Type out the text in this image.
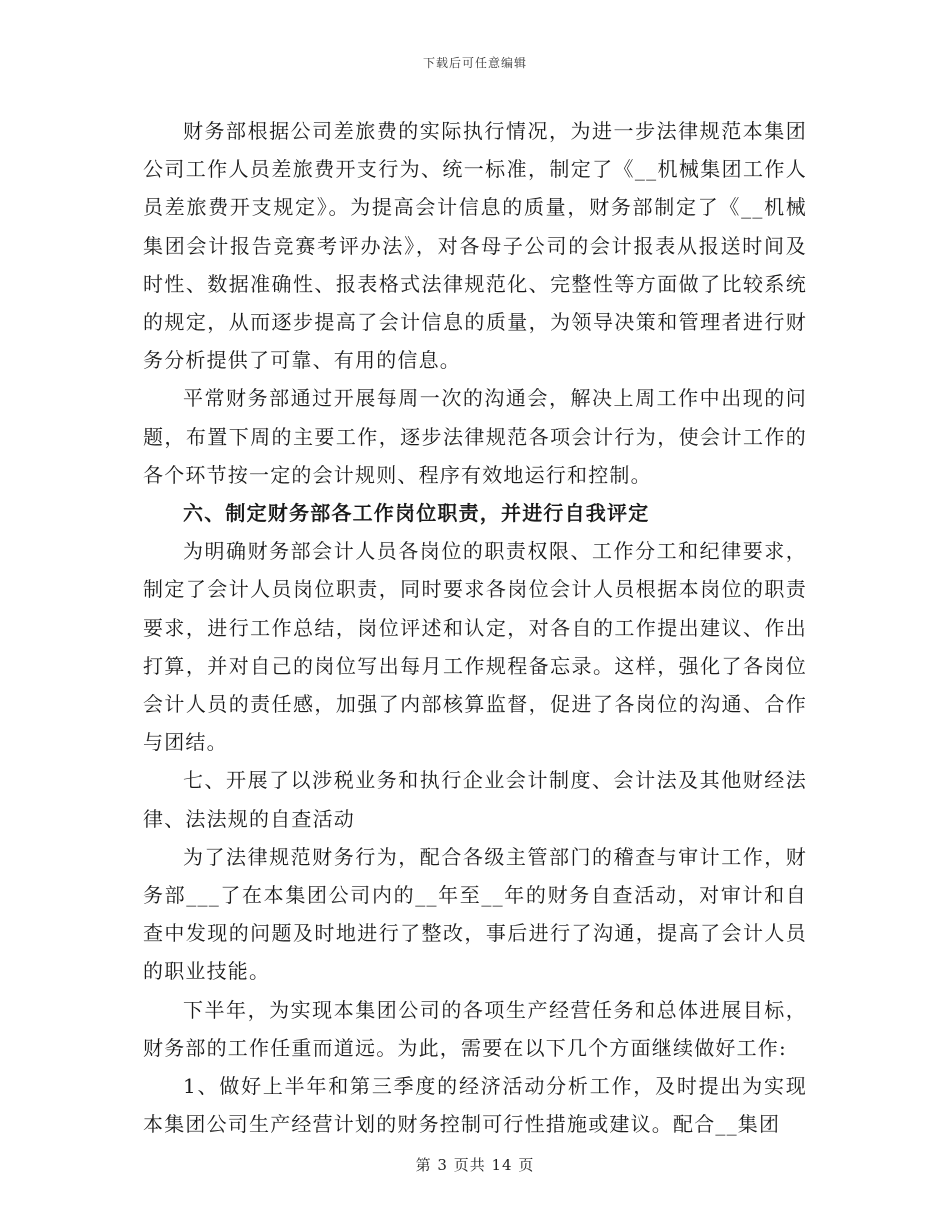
下载后可任意编辑

财务部根据公司差旅费的实际执行情况，为进一步法律规范本集团公司工作人员差旅费开支行为、统一标准，制定了《__机械集团工作人员差旅费开支规定》。为提高会计信息的质量，财务部制定了《__机械集团会计报告竞赛考评办法》，对各母子公司的会计报表从报送时间及时性、数据准确性、报表格式法律规范化、完整性等方面做了比较系统的规定，从而逐步提高了会计信息的质量，为领导决策和管理者进行财务分析提供了可靠、有用的信息。

平常财务部通过开展每周一次的沟通会，解决上周工作中出现的问题，布置下周的主要工作，逐步法律规范各项会计行为，使会计工作的各个环节按一定的会计规则、程序有效地运行和控制。

六、制定财务部各工作岗位职责，并进行自我评定

为明确财务部会计人员各岗位的职责权限、工作分工和纪律要求，制定了会计人员岗位职责，同时要求各岗位会计人员根据本岗位的职责要求，进行工作总结，岗位评述和认定，对各自的工作提出建议、作出打算，并对自己的岗位写出每月工作规程备忘录。这样，强化了各岗位会计人员的责任感，加强了内部核算监督，促进了各岗位的沟通、合作与团结。

七、开展了以涉税业务和执行企业会计制度、会计法及其他财经法律、法法规的自查活动

为了法律规范财务行为，配合各级主管部门的稽查与审计工作，财务部___了在本集团公司内的__年至__年的财务自查活动，对审计和自查中发现的问题及时地进行了整改，事后进行了沟通，提高了会计人员的职业技能。

下半年，为实现本集团公司的各项生产经营任务和总体进展目标，财务部的工作任重而道远。为此，需要在以下几个方面继续做好工作:

1、做好上半年和第三季度的经济活动分析工作，及时提出为实现本集团公司生产经营计划的财务控制可行性措施或建议。配合__集团

第 3 页共 14 页
